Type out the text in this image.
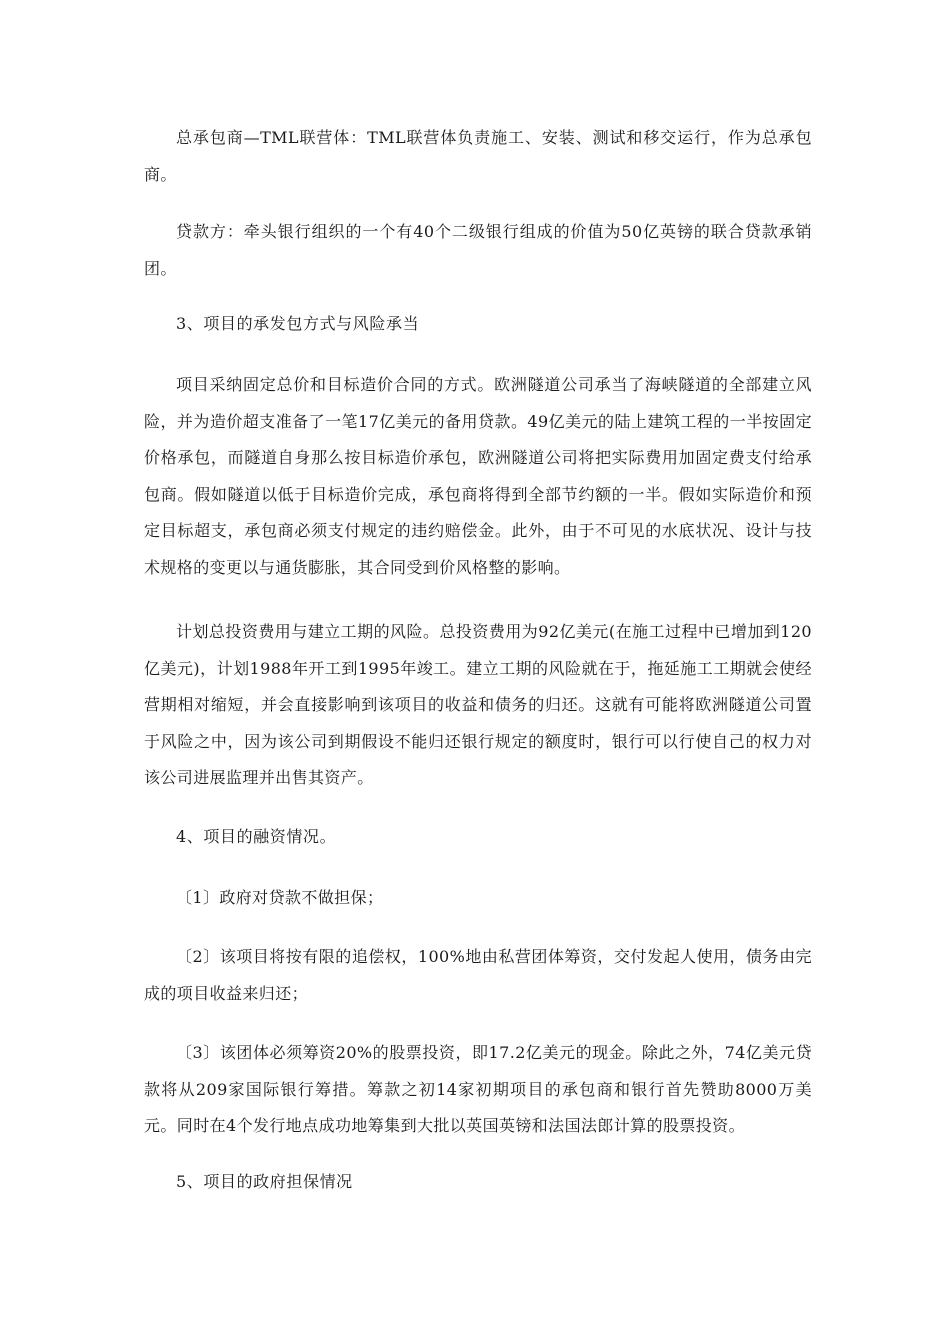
总承包商—TML联营体：TML联营体负责施工、安装、测试和移交运行，作为总承包商。

贷款方：牵头银行组织的一个有40个二级银行组成的价值为50亿英镑的联合贷款承销团。

3、项目的承发包方式与风险承当

项目采纳固定总价和目标造价合同的方式。欧洲隧道公司承当了海峡隧道的全部建立风险，并为造价超支准备了一笔17亿美元的备用贷款。49亿美元的陆上建筑工程的一半按固定价格承包，而隧道自身那么按目标造价承包，欧洲隧道公司将把实际费用加固定费支付给承包商。假如隧道以低于目标造价完成，承包商将得到全部节约额的一半。假如实际造价和预定目标超支，承包商必须支付规定的违约赔偿金。此外，由于不可见的水底状况、设计与技术规格的变更以与通货膨胀，其合同受到价风格整的影响。

计划总投资费用与建立工期的风险。总投资费用为92亿美元(在施工过程中已增加到120亿美元)，计划1988年开工到1995年竣工。建立工期的风险就在于，拖延施工工期就会使经营期相对缩短，并会直接影响到该项目的收益和债务的归还。这就有可能将欧洲隧道公司置于风险之中，因为该公司到期假设不能归还银行规定的额度时，银行可以行使自己的权力对该公司进展监理并出售其资产。

4、项目的融资情况。

〔1〕政府对贷款不做担保；

〔2〕该项目将按有限的追偿权，100%地由私营团体筹资，交付发起人使用，债务由完成的项目收益来归还；

〔3〕该团体必须筹资20%的股票投资，即17.2亿美元的现金。除此之外，74亿美元贷款将从209家国际银行筹措。筹款之初14家初期项目的承包商和银行首先赞助8000万美元。同时在4个发行地点成功地筹集到大批以英国英镑和法国法郎计算的股票投资。

5、项目的政府担保情况
